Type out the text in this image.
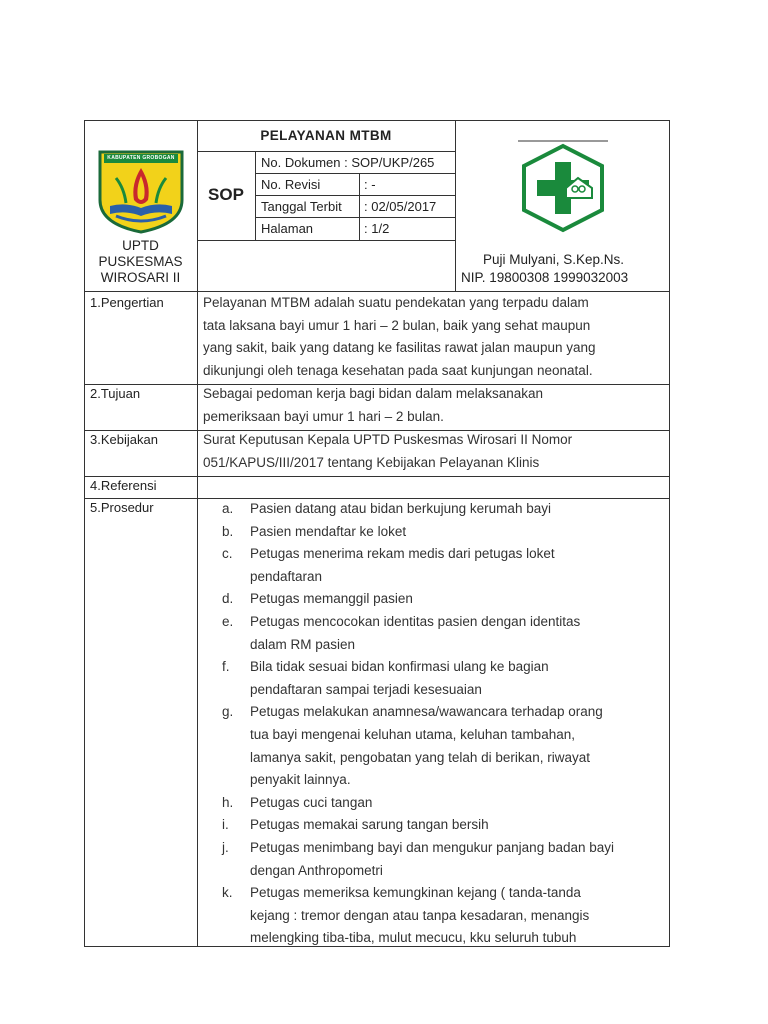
KABUPATEN GROBOGAN
PELAYANAN MTBM
SOP
No. Dokumen : SOP/UKP/265
No. Revisi	: -
Tanggal Terbit : 02/05/2017
Halaman	: 1/2
UPTD
PUSKESMAS
WIROSARI II
Puji Mulyani, S.Kep.Ns.
NIP. 19800308 1999032003
1.Pengertian	Pelayanan MTBM adalah suatu pendekatan yang terpadu dalam
tata laksana bayi umur 1 hari – 2 bulan, baik yang sehat maupun
yang sakit, baik yang datang ke fasilitas rawat jalan maupun yang
dikunjungi oleh tenaga kesehatan pada saat kunjungan neonatal.
2.Tujuan	Sebagai pedoman kerja bagi bidan dalam melaksanakan
pemeriksaan bayi umur 1 hari – 2 bulan.
3.Kebijakan	Surat Keputusan Kepala UPTD Puskesmas Wirosari II Nomor
051/KAPUS/III/2017 tentang Kebijakan Pelayanan Klinis
4.Referensi
5.Prosedur	a.	Pasien datang atau bidan berkujung kerumah bayi
b.	Pasien mendaftar ke loket
c.	Petugas menerima rekam medis dari petugas loket
pendaftaran
d.	Petugas memanggil pasien
e.	Petugas mencocokan identitas pasien dengan identitas
dalam RM pasien
f.	Bila tidak sesuai bidan konfirmasi ulang ke bagian
pendaftaran sampai terjadi kesesuaian
g.	Petugas melakukan anamnesa/wawancara terhadap orang
tua bayi mengenai keluhan utama, keluhan tambahan,
lamanya sakit, pengobatan yang telah di berikan, riwayat
penyakit lainnya.
h.	Petugas cuci tangan
i.	Petugas memakai sarung tangan bersih
j.	Petugas menimbang bayi dan mengukur panjang badan bayi
dengan Anthropometri
k.	Petugas memeriksa kemungkinan kejang ( tanda-tanda
kejang : tremor dengan atau tanpa kesadaran, menangis
melengking tiba-tiba, mulut mecucu, kku seluruh tubuh
